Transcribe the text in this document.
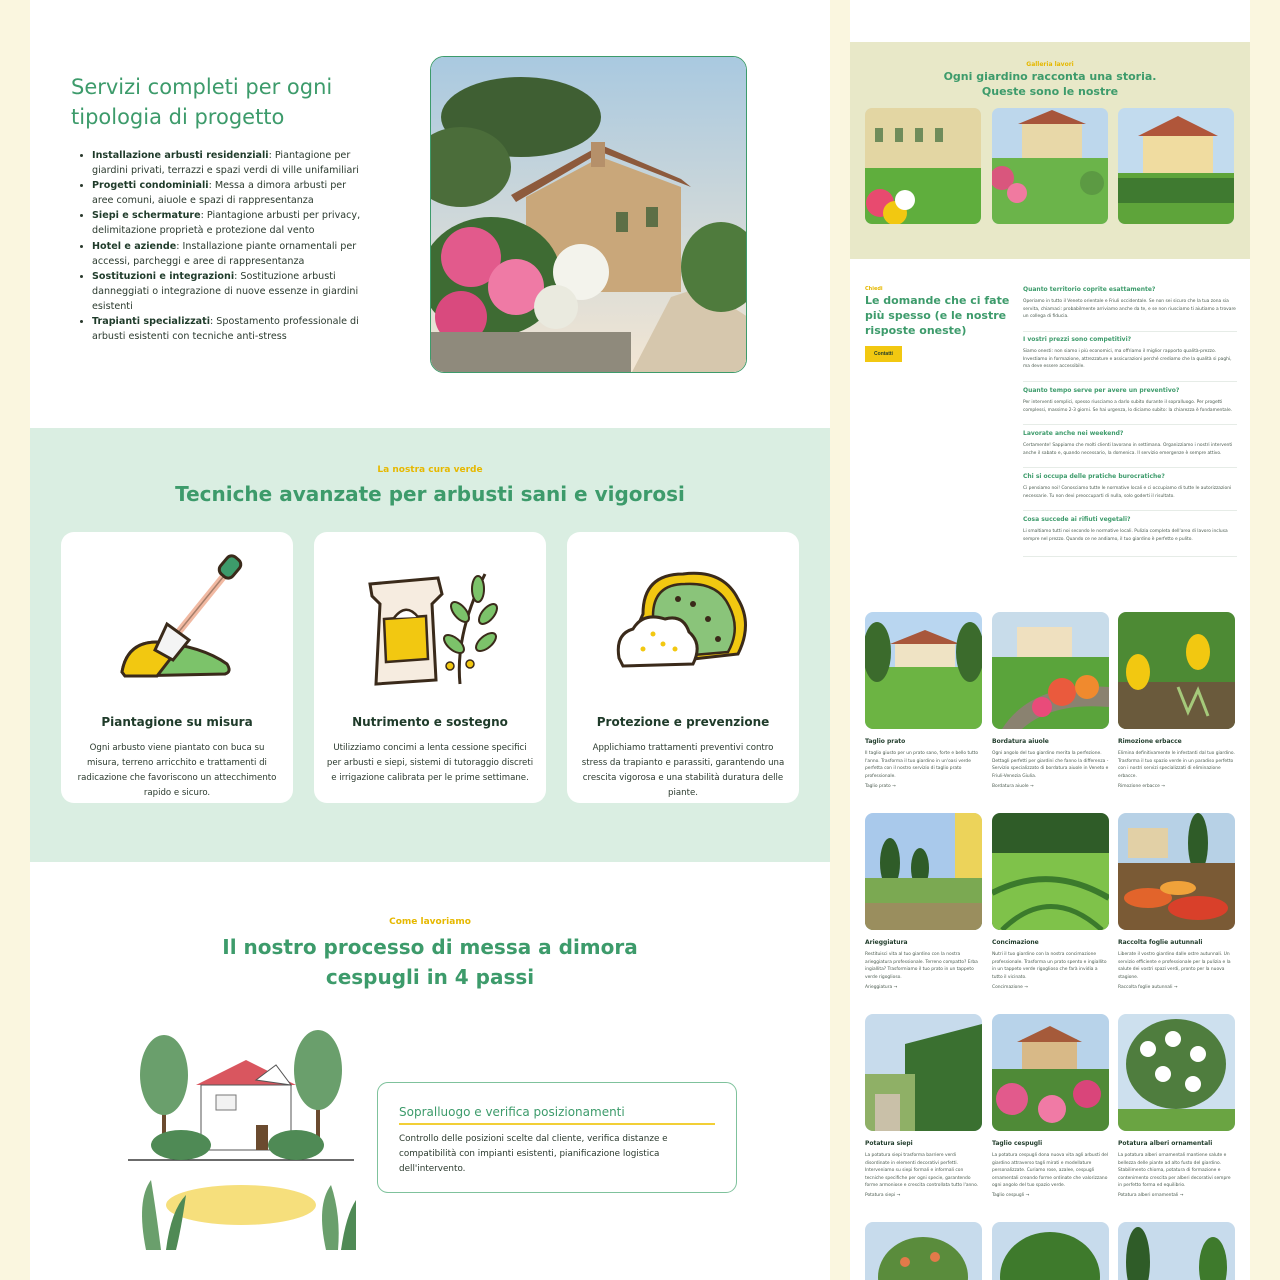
Servizi completi per ogni tipologia di progetto
• Installazione arbusti residenziali: Piantagione per giardini privati, terrazzi e spazi verdi di ville unifamiliari
• Progetti condominiali: Messa a dimora arbusti per aree comuni, aiuole e spazi di rappresentanza
• Siepi e schermature: Piantagione arbusti per privacy, delimitazione proprietà e protezione dal vento
• Hotel e aziende: Installazione piante ornamentali per accessi, parcheggi e aree di rappresentanza
• Sostituzioni e integrazioni: Sostituzione arbusti danneggiati o integrazione di nuove essenze in giardini esistenti
• Trapianti specializzati: Spostamento professionale di arbusti esistenti con tecniche anti-stress
La nostra cura verde
Tecniche avanzate per arbusti sani e vigorosi
Piantagione su misura

Ogni arbusto viene piantato con buca su misura, terreno arricchito e trattamenti di radicazione che favoriscono un attecchimento rapido e sicuro.

Nutrimento e sostegno

Utilizziamo concimi a lenta cessione specifici per arbusti e siepi, sistemi di tutoraggio discreti e irrigazione calibrata per le prime settimane.

Protezione e prevenzione

Applichiamo trattamenti preventivi contro stress da trapianto e parassiti, garantendo una crescita vigorosa e una stabilità duratura delle piante.

Come lavoriamo
Il nostro processo di messa a dimora cespugli in 4 passi
Sopralluogo e verifica posizionamenti

Controllo delle posizioni scelte dal cliente, verifica distanze e compatibilità con impianti esistenti, pianificazione logistica dell'intervento.

Galleria lavori
Ogni giardino racconta una storia. Queste sono le nostre
Chiedi
Le domande che ci fate più spesso (e le nostre risposte oneste)
Contatti
Quanto territorio coprite esattamente?
Operiamo in tutto il Veneto orientale e Friuli occidentale. Se non sei sicuro che la tua zona sia servita, chiamaci: probabilmente arriviamo anche da te, e se non riusciamo ti aiutiamo a trovare un collega di fiducia.
I vostri prezzi sono competitivi?
Siamo onesti: non siamo i più economici, ma offriamo il miglior rapporto qualità-prezzo. Investiamo in formazione, attrezzature e assicurazioni perché crediamo che la qualità si paghi, ma deve essere accessibile.
Quanto tempo serve per avere un preventivo?
Per interventi semplici, spesso riusciamo a darlo subito durante il sopralluogo. Per progetti complessi, massimo 2-3 giorni. Se hai urgenza, lo diciamo subito: la chiarezza è fondamentale.
Lavorate anche nei weekend?
Certamente! Sappiamo che molti clienti lavorano in settimana. Organizziamo i nostri interventi anche il sabato e, quando necessario, la domenica. Il servizio emergenze è sempre attivo.
Chi si occupa delle pratiche burocratiche?
Ci pensiamo noi! Conosciamo tutte le normative locali e ci occupiamo di tutte le autorizzazioni necessarie. Tu non devi preoccuparti di nulla, solo goderti il risultato.
Cosa succede ai rifiuti vegetali?
Li smaltiamo tutti noi secondo le normative locali. Pulizia completa dell'area di lavoro inclusa sempre nel prezzo. Quando ce ne andiamo, il tuo giardino è perfetto e pulito.
Taglio prato
Il taglio giusto per un prato sano, forte e bello tutto l'anno. Trasforma il tuo giardino in un'oasi verde perfetta con il nostro servizio di taglio prato professionale.
Taglio prato →
Bordatura aiuole
Ogni angolo del tuo giardino merita la perfezione. Dettagli perfetti per giardini che fanno la differenza - Servizio specializzato di bordatura aiuole in Veneto e Friuli-Venezia Giulia.
Bordatura aiuole →
Rimozione erbacce
Elimina definitivamente le infestanti dal tuo giardino. Trasforma il tuo spazio verde in un paradiso perfetto con i nostri servizi specializzati di eliminazione erbacce.
Rimozione erbacce →
Arieggiatura
Restituisci vita al tuo giardino con la nostra arieggiatura professionale. Terreno compatto? Erba ingiallita? Trasformiamo il tuo prato in un tappeto verde rigoglioso.
Arieggiatura →
Concimazione
Nutri il tuo giardino con la nostra concimazione professionale. Trasforma un prato spento e ingiallito in un tappeto verde rigoglioso che farà invidia a tutto il vicinato.
Concimazione →
Raccolta foglie autunnali
Liberate il vostro giardino dalle ostre autunnali. Un servizio efficiente e professionale per la pulizia e la salute dei vostri spazi verdi, pronto per la nuova stagione.
Raccolta foglie autunnali →
Potatura siepi
La potatura siepi trasforma barriere verdi disordinate in elementi decorativi perfetti. Interveniamo su siepi formali e informali con tecniche specifiche per ogni specie, garantendo forme armoniose e crescita controllata tutto l'anno.
Potatura siepi →
Taglio cespugli
La potatura cespugli dona nuova vita agli arbusti del giardino attraverso tagli mirati e modellature personalizzate. Curiamo rose, azalee, cespugli ornamentali creando forme ordinate che valorizzano ogni angolo del tuo spazio verde.
Taglio cespugli →
Potatura alberi ornamentali
La potatura alberi ornamentali mantiene salute e bellezza delle piante ad alto fusto del giardino. Stabilimento chioma, potatura di formazione e contenimento crescita per alberi decorativi sempre in perfetto forma ed equilibrio.
Potatura alberi ornamentali →
